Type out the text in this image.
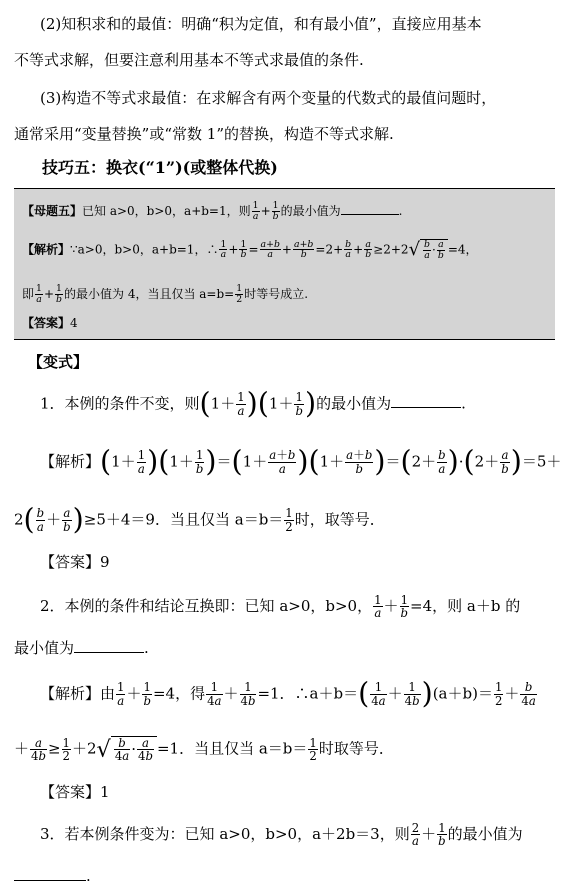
(2)知积求和的最值：明确“积为定值，和有最小值”，直接应用基本
不等式求解，但要注意利用基本不等式求最值的条件.
(3)构造不等式求最值：在求解含有两个变量的代数式的最值问题时，
通常采用“变量替换”或“常数 1”的替换，构造不等式求解.
技巧五：换衣(“1”)(或整体代换)
【母题五】已知 a>0，b>0，a+b=1，则 $\frac{1}{a} + \frac{1}{b}$ 的最小值为	.
【解析】∵a>0，b>0，a+b=1，∴ $\frac{1}{a} + \frac{1}{b} = \frac{a+b}{a} + \frac{a+b}{b} =2+ \frac{b}{a} + \frac{a}{b} \ge 2+2√ \frac{b}{a} \cdot \frac{a}{b} =4$，
即 $\frac{1}{a} + \frac{1}{b}$ 的最小值为 4，当且仅当 $a=b= \frac{1}{2}$ 时等号成立.
【答案】4
【变式】
1．本例的条件不变，则$(1+ \frac{1}{a} )(1+ \frac{1}{b}$ )的最小值为	.
【解析】$(1+ \frac{1}{a} )(1+ \frac{1}{b} )=(1+ \frac{a+b}{a} )(1+ \frac{a+b}{b} )=(2+ \frac{b}{a} )\cdot(2+ \frac{a}{b} )=5+$
$2( \frac{b}{a} + \frac{a}{b} )\ge 5+4=9$．当且仅当 $a=b= \frac{1}{2}$ 时，取等号．
【答案】9
2．本例的条件和结论互换即：已知 a>0，b>0， $\frac{1}{a} + \frac{1}{b} =4$，则 a＋b 的
最小值为	.
【解析】由 $\frac{1}{a} + \frac{1}{b} =4$，得 $\frac{1}{4a} + \frac{1}{4b} =1$．∴a＋b＝( $\frac{1}{4a} + \frac{1}{4b} )(a+b)= \frac{1}{2} + \frac{b}{4a}$
＋ $\frac{a}{4b} \ge \frac{1}{2} +2√ \frac{b}{4a} \cdot \frac{a}{4b} =1$．当且仅当 $a=b= \frac{1}{2}$ 时取等号．
【答案】1
3．若本例条件变为：已知 a>0，b>0，a＋2b＝3，则 $\frac{2}{a} + \frac{1}{b}$ 的最小值为
.
